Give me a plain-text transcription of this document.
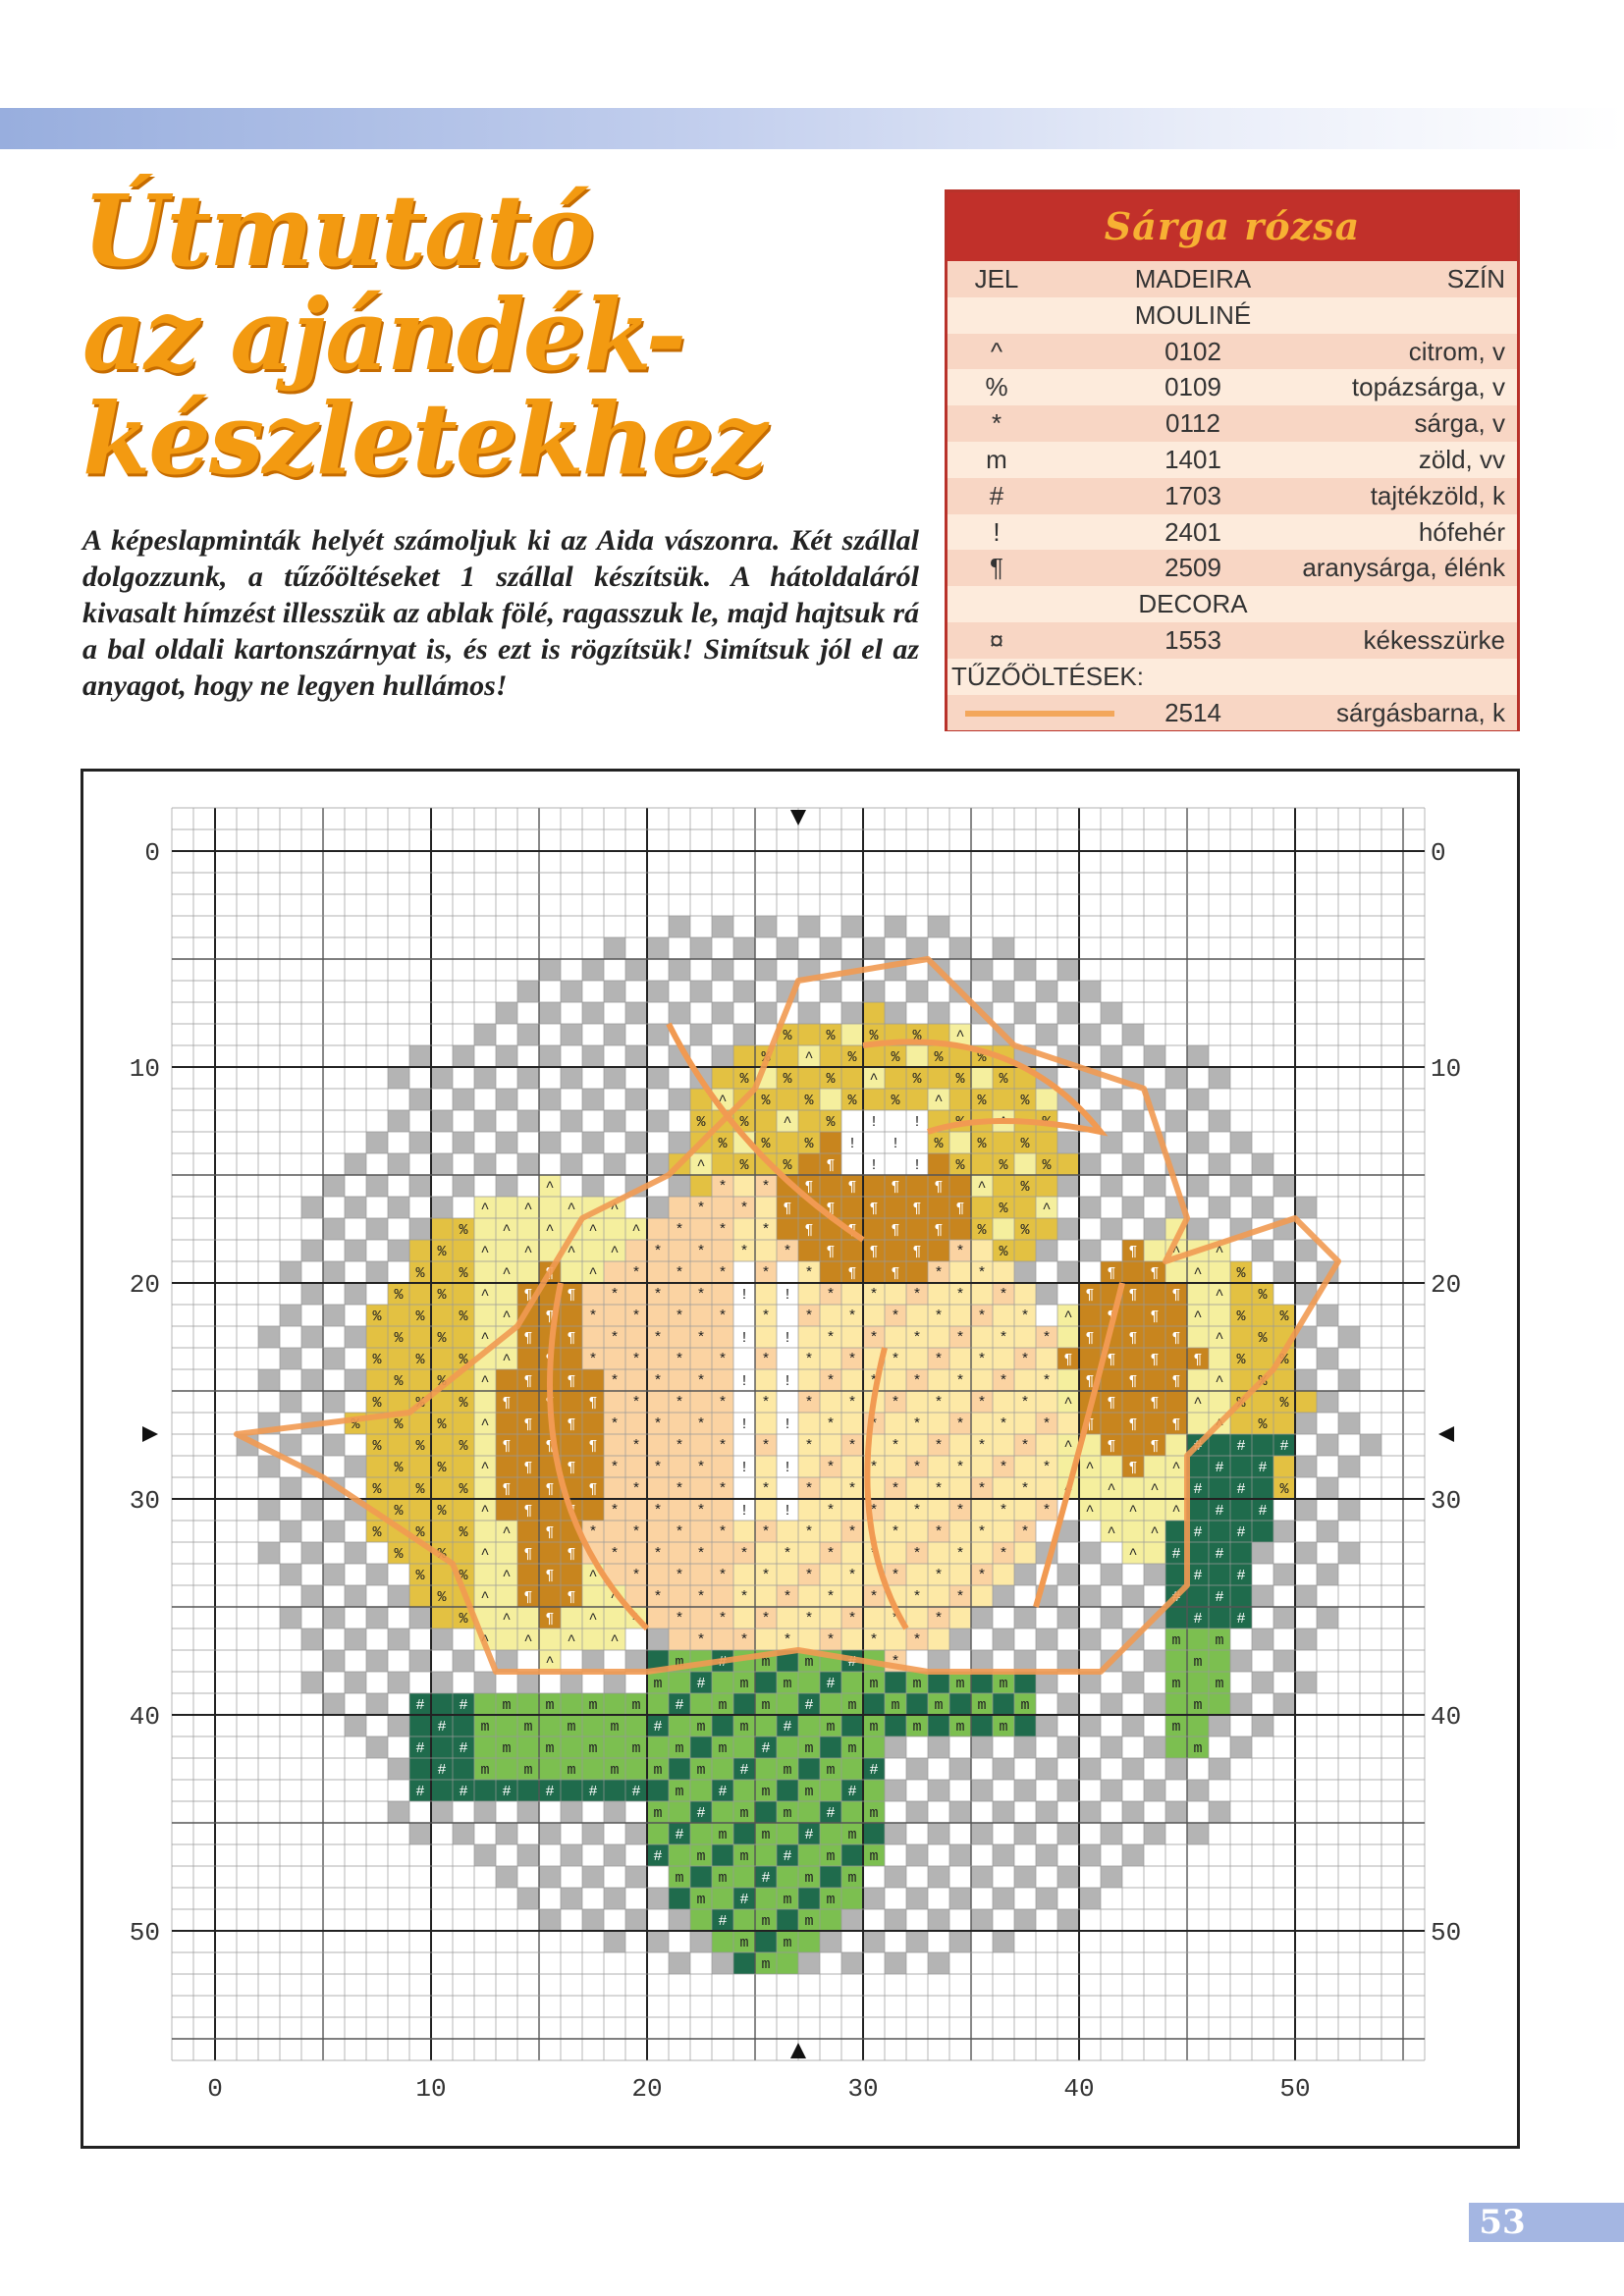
Útmutató
az ajándék-
készletekhez

A képeslapminták helyét számoljuk ki az Aida vászonra. Két szállal dolgozzunk, a tűzőöltéseket 1 szállal készítsük. A hátoldaláról kivasalt hímzést illesszük az ablak fölé, ragasszuk le, majd hajtsuk rá a bal oldali kartonszárnyat is, és ezt is rögzítsük! Simítsuk jól el az anyagot, hogy ne legyen hullámos!

Sárga rózsa
JEL	MADEIRA	SZÍN
MOULINÉ
^	0102	citrom, v
%	0109	topázsárga, v
*	0112	sárga, v
m	1401	zöld, vv
#	1703	tajtékzöld, k
!	2401	hófehér
¶	2509	aranysárga, élénk
DECORA
¤	1553	kékesszürke
TŰZŐÖLTÉSEK:
2514	sárgásbarna, k
% % % % ^
% ^ % % % %
% % % ^ % % %
^ % % % % ^ % %
% % ^ % ! ! % ^ %
% % % ! ! % % %
^ % % ¶ ! ! % % %
^	* * ¶ ¶ ¶ ¶ ^ %
^ ^ ^ ^	* * ¶ ¶ ¶ ¶ ¶ % ^
% ^ ^ ^ ^ * * * ¶ ¶ ¶ ¶ % %
% ^ ^ ^ ^ * * * * ¶ ¶ ¶ * %	¶ ^ ^
% % ^ ¶ ^ * * * * * ¶ ¶ * *	¶ ¶ ^ %
% % ^ ¶ ¶ * * * ! ! * * * * *	¶ ¶ ¶ ^ %
% % % ^ ¶ * * * * * * * * * * * ^ ¶ ¶ ^ % %
% % ^ ¶ ¶ * * * ! ! * * * * * * ¶ ¶ ¶ ^ %
% % % ^ ¶ * * * * * * * * * * * ¶ ¶ ¶ ¶ % %
% % ^ ¶ ¶ * * * ! ! * * * * * * ¶ ¶ ¶ ^ %
% % % ¶ ¶ ¶ * * * * * * * * * * ^ ¶ ¶ ^ % %
% % % ^ ¶ ¶ * * * ! ! * * * * * * ¶ ¶ ¶ ^ %
% % % ¶ ¶ ¶ * * * * * * * * * * ^ ¶ ¶ # # #
% % ^ ¶ ¶ * * * ! ! * * * * * * ^ ¶ ^ # #
% % % ¶ ¶ ¶ * * * * * * * * * * ^ ^ ^ # # %
% % ^ ¶ ¶ * * * ! ! * * * * * * ^ ^ ^ # #
% % % ^ ¶ * * * * * * * * * * *	^ ^ # #
% % ^ ¶ ¶ * * * * * * * * * *	^ # #
% % ^ ¶ ^ * * * * * * * * *	# #
% ^ ¶ ¶ ^ * * * * * * * *	# #
% ^ ¶ ^ ^ * * * * * * *	# #
^ ^ ^ ^	* * * * * *	m m
^	m # m m # *	m
m # m m # m m m m	m m
# # m m m m # m m # m m m m m	m
# m m m m # m m # m m m m m	m
# # m m m m m m # m m	m
# m m m m m m # m m #
# # # # # # m # m m #
m # m m # m
# m m # m
# m m # m m
m m # m m
m # m m
# m m
m m
m
0	10	20	30	40	50
0	0
10	10
20	20
30	30
40	40
50	50
53
